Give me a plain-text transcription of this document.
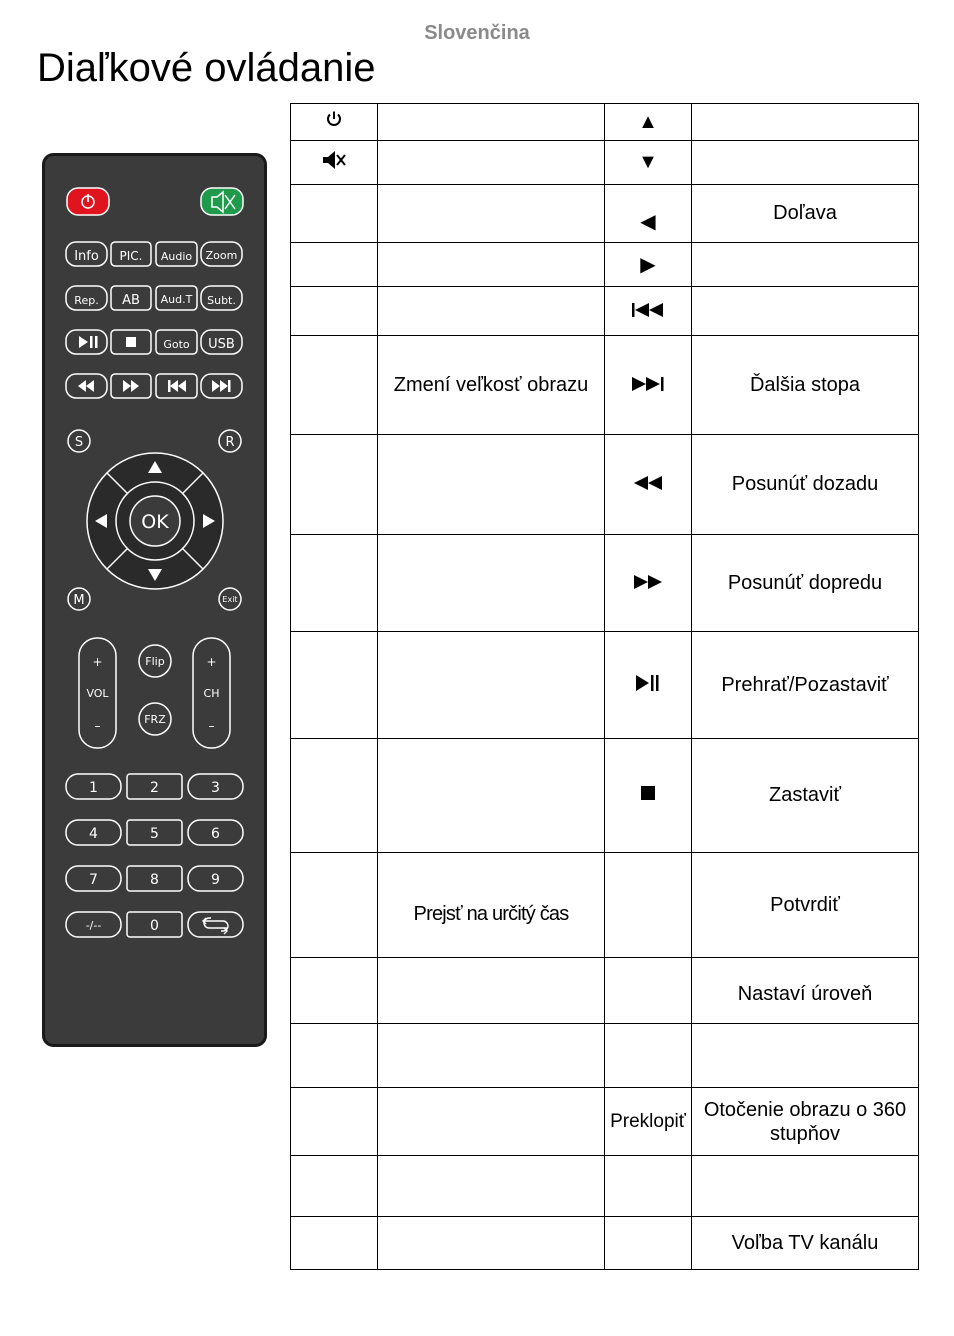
Slovenčina
Diaľkové ovládanie
Info PIC. Audio Zoom
Rep. AB Aud.T Subt.
Goto USB
S	R
M	Exit
OK
+
VOL
–
+
CH
–
Flip
FRZ
1	2	3
4	5	6
7	8	9
-/--	0
		▲	
		▼	
		◀	Doľava
		▶	

	Zmení veľkosť obrazu		Ďalšia stopa
			Posunúť dozadu
			Posunúť dopredu
			Prehrať/Pozastaviť
			Zastaviť
	Prejsť na určitý čas		Potvrdiť
			Nastaví úroveň

		Preklopiť	Otočenie obrazu o 360 stupňov

			Voľba TV kanálu
